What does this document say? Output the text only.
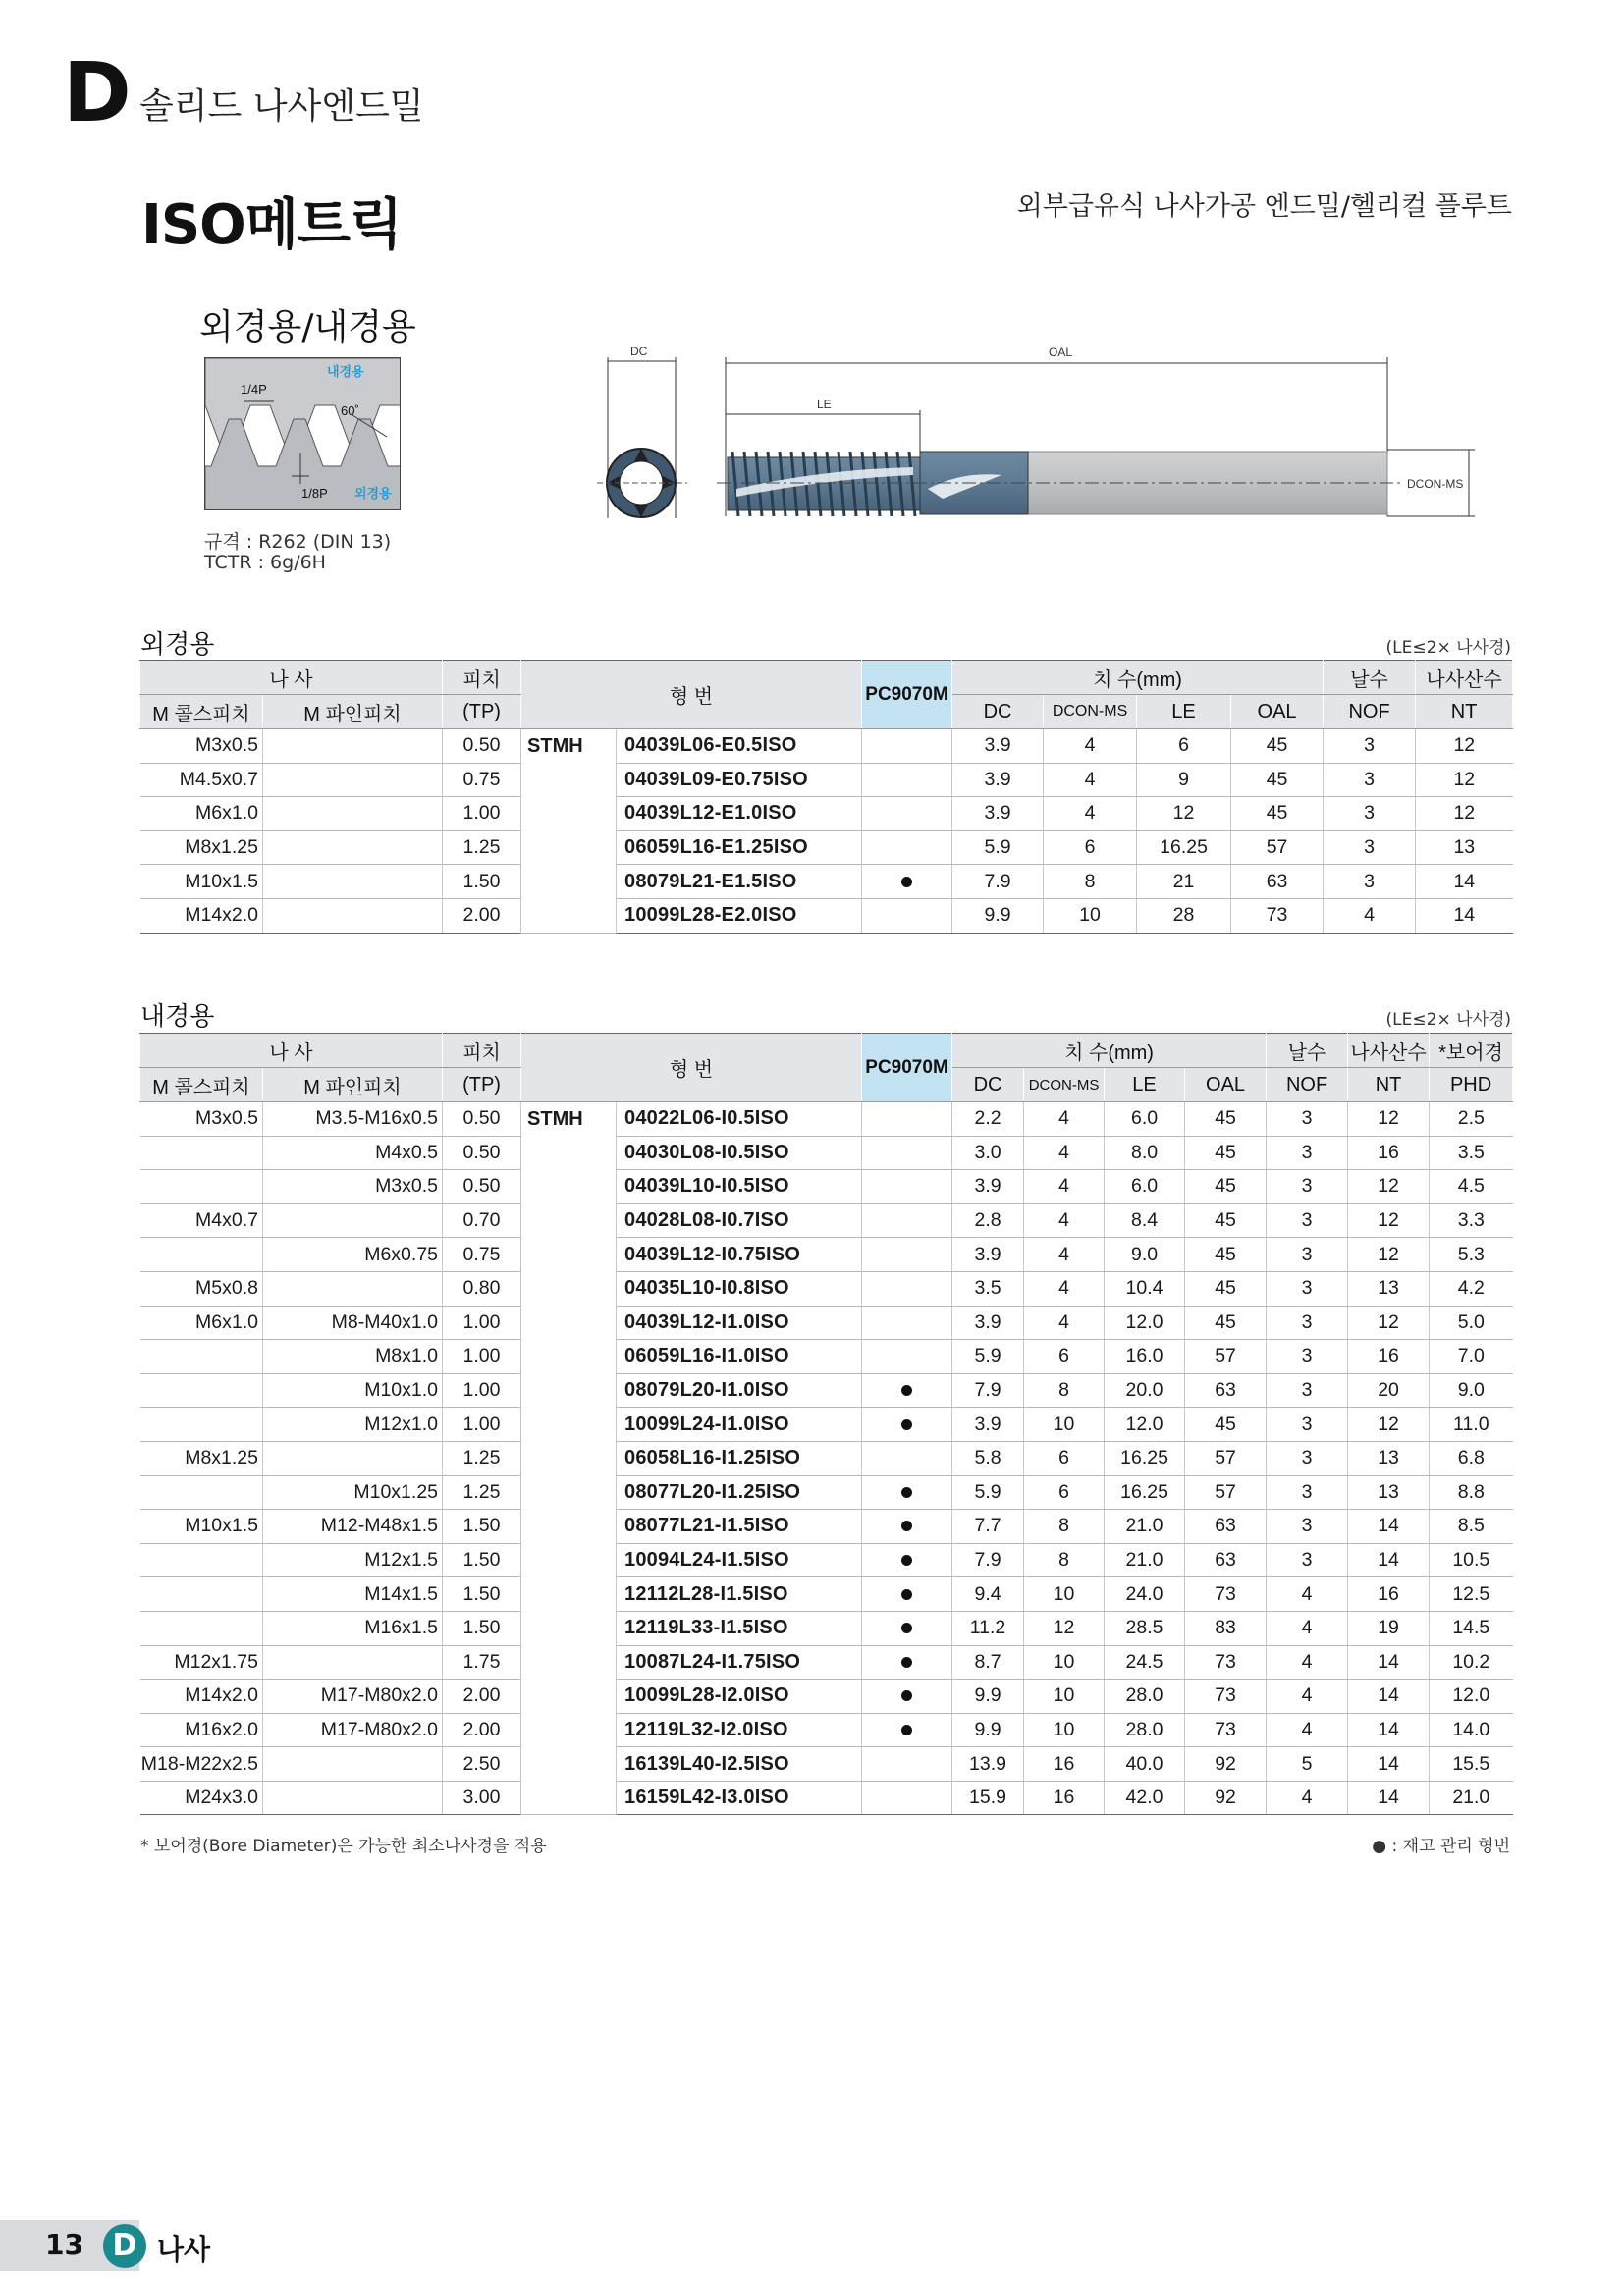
D 솔리드 나사엔드밀
ISO메트릭	외부급유식 나사가공 엔드밀/헬리컬 플루트
외경용/내경용
1/4P
내경용
60˚
1/8P 외경용
규격 : R262 (DIN 13)
TCTR : 6g/6H
DC	OAL
LE
DCON-MS
외경용	(LE≤2× 나사경)
나 사		피치	형 번		PC9070M	치 수(mm)				날수	나사산수
M 콜스피치	M 파인피치	(TP)				DC	DCON-MS	LE	OAL	NOF	NT
M3x0.5		0.50	STMH	04039L06-E0.5ISO		3.9	4	6	45	3	12
M4.5x0.7		0.75		04039L09-E0.75ISO		3.9	4	9	45	3	12
M6x1.0		1.00		04039L12-E1.0ISO		3.9	4	12	45	3	12
M8x1.25		1.25		06059L16-E1.25ISO		5.9	6	16.25	57	3	13
M10x1.5		1.50		08079L21-E1.5ISO		7.9	8	21	63	3	14
M14x2.0		2.00		10099L28-E2.0ISO		9.9	10	28	73	4	14
내경용	(LE≤2× 나사경)
나 사		피치	형 번		PC9070M	치 수(mm)				날수	나사산수	*보어경
M 콜스피치	M 파인피치	(TP)				DC	DCON-MS	LE	OAL	NOF	NT	PHD
M3x0.5	M3.5-M16x0.5	0.50	STMH	04022L06-I0.5ISO		2.2	4	6.0	45	3	12	2.5
	M4x0.5	0.50		04030L08-I0.5ISO		3.0	4	8.0	45	3	16	3.5
	M3x0.5	0.50		04039L10-I0.5ISO		3.9	4	6.0	45	3	12	4.5
M4x0.7		0.70		04028L08-I0.7ISO		2.8	4	8.4	45	3	12	3.3
	M6x0.75	0.75		04039L12-I0.75ISO		3.9	4	9.0	45	3	12	5.3
M5x0.8		0.80		04035L10-I0.8ISO		3.5	4	10.4	45	3	13	4.2
M6x1.0	M8-M40x1.0	1.00		04039L12-I1.0ISO		3.9	4	12.0	45	3	12	5.0
	M8x1.0	1.00		06059L16-I1.0ISO		5.9	6	16.0	57	3	16	7.0
	M10x1.0	1.00		08079L20-I1.0ISO		7.9	8	20.0	63	3	20	9.0
	M12x1.0	1.00		10099L24-I1.0ISO		3.9	10	12.0	45	3	12	11.0
M8x1.25		1.25		06058L16-I1.25ISO		5.8	6	16.25	57	3	13	6.8
	M10x1.25	1.25		08077L20-I1.25ISO		5.9	6	16.25	57	3	13	8.8
M10x1.5	M12-M48x1.5	1.50		08077L21-I1.5ISO		7.7	8	21.0	63	3	14	8.5
	M12x1.5	1.50		10094L24-I1.5ISO		7.9	8	21.0	63	3	14	10.5
	M14x1.5	1.50		12112L28-I1.5ISO		9.4	10	24.0	73	4	16	12.5
	M16x1.5	1.50		12119L33-I1.5ISO		11.2	12	28.5	83	4	19	14.5
M12x1.75		1.75		10087L24-I1.75ISO		8.7	10	24.5	73	4	14	10.2
M14x2.0	M17-M80x2.0	2.00		10099L28-I2.0ISO		9.9	10	28.0	73	4	14	12.0
M16x2.0	M17-M80x2.0	2.00		12119L32-I2.0ISO		9.9	10	28.0	73	4	14	14.0
M18-M22x2.5		2.50		16139L40-I2.5ISO		13.9	16	40.0	92	5	14	15.5
M24x3.0		3.00		16159L42-I3.0ISO		15.9	16	42.0	92	4	14	21.0
* 보어경(Bore Diameter)은 가능한 최소나사경을 적용	● : 재고 관리 형번
13 D 나사
